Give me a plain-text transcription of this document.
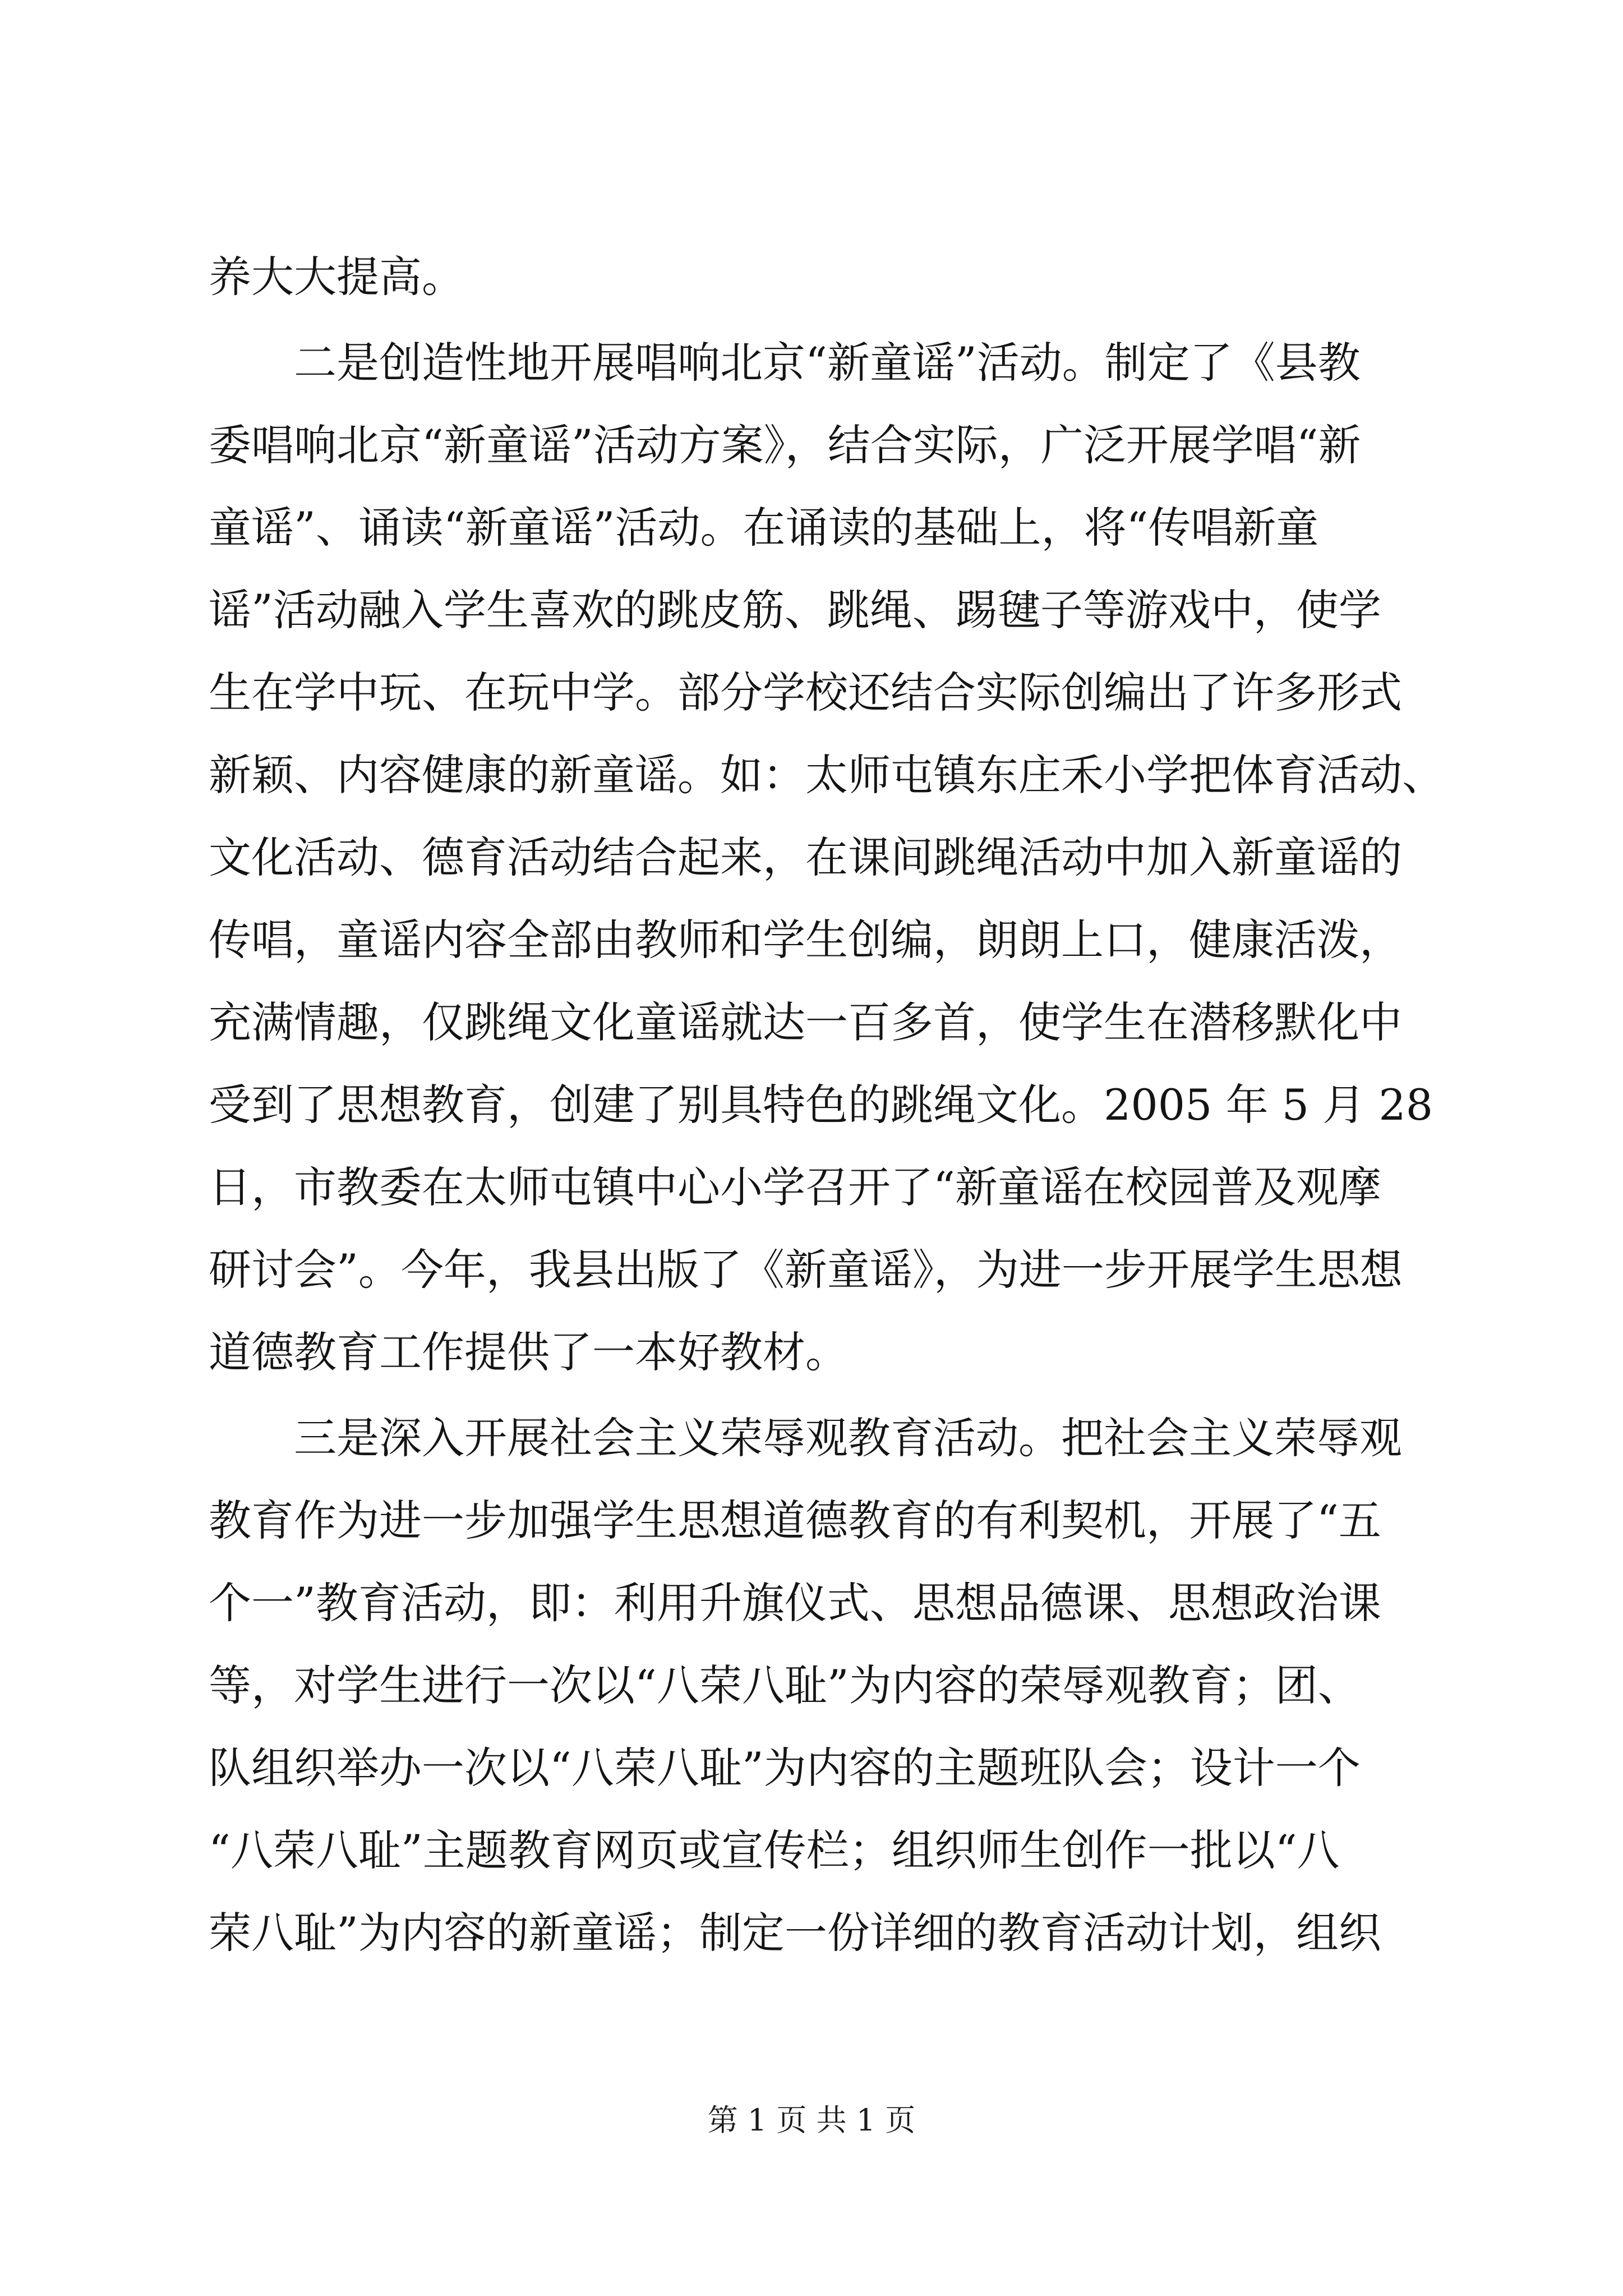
养大大提高。
　　二是创造性地开展唱响北京“新童谣”活动。制定了《县教
委唱响北京“新童谣”活动方案》，结合实际，广泛开展学唱“新
童谣”、诵读“新童谣”活动。在诵读的基础上，将“传唱新童
谣”活动融入学生喜欢的跳皮筋、跳绳、踢毽子等游戏中，使学
生在学中玩、在玩中学。部分学校还结合实际创编出了许多形式
新颖、内容健康的新童谣。如：太师屯镇东庄禾小学把体育活动、
文化活动、德育活动结合起来，在课间跳绳活动中加入新童谣的
传唱，童谣内容全部由教师和学生创编，朗朗上口，健康活泼，
充满情趣，仅跳绳文化童谣就达一百多首，使学生在潜移默化中
受到了思想教育，创建了别具特色的跳绳文化。2005 年 5 月 28
日，市教委在太师屯镇中心小学召开了“新童谣在校园普及观摩
研讨会”。今年，我县出版了《新童谣》，为进一步开展学生思想
道德教育工作提供了一本好教材。
　　三是深入开展社会主义荣辱观教育活动。把社会主义荣辱观
教育作为进一步加强学生思想道德教育的有利契机，开展了“五
个一”教育活动，即：利用升旗仪式、思想品德课、思想政治课
等，对学生进行一次以“八荣八耻”为内容的荣辱观教育；团、
队组织举办一次以“八荣八耻”为内容的主题班队会；设计一个
“八荣八耻”主题教育网页或宣传栏；组织师生创作一批以“八
荣八耻”为内容的新童谣；制定一份详细的教育活动计划，组织
第 1 页 共 1 页
